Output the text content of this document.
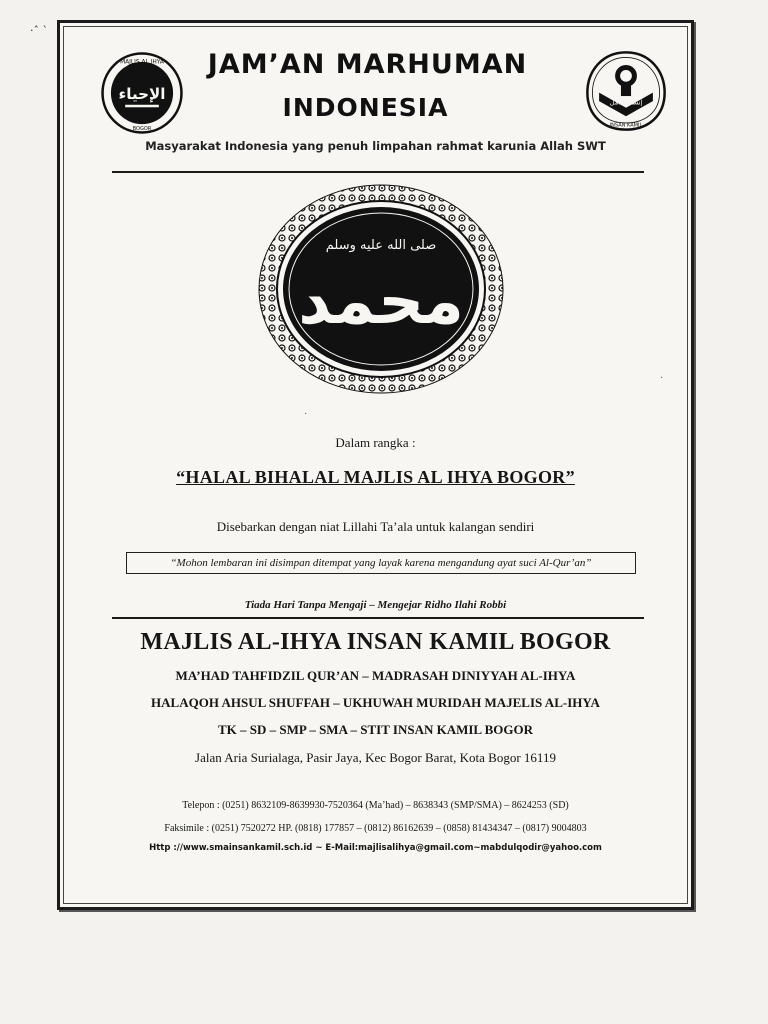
·ˆ ˋ
MAJLIS AL IHYA
BOGOR
الإحياء
JAM’AN MARHUMAN
INDONESIA	إنسان كامل
INSAN KAMIL
Masyarakat Indonesia yang penuh limpahan rahmat karunia Allah SWT
صلى الله عليه وسلم
محمد
Dalam rangka :
“HALAL BIHALAL MAJLIS AL IHYA BOGOR”
Disebarkan dengan niat Lillahi Ta’ala untuk kalangan sendiri
“Mohon lembaran ini disimpan ditempat yang layak karena mengandung ayat suci Al-Qur’an”
Tiada Hari Tanpa Mengaji – Mengejar Ridho Ilahi Robbi
MAJLIS AL-IHYA INSAN KAMIL BOGOR
MA’HAD TAHFIDZIL QUR’AN – MADRASAH DINIYYAH AL-IHYA
HALAQOH AHSUL SHUFFAH – UKHUWAH MURIDAH MAJELIS AL-IHYA
TK – SD – SMP – SMA – STIT INSAN KAMIL BOGOR
Jalan Aria Surialaga, Pasir Jaya, Kec Bogor Barat, Kota Bogor 16119
Telepon : (0251) 8632109-8639930-7520364 (Ma’had) – 8638343 (SMP/SMA) – 8624253 (SD)
Faksimile : (0251) 7520272 HP. (0818) 177857 – (0812) 86162639 – (0858) 81434347 – (0817) 9004803
Http ://www.smainsankamil.sch.id ~ E-Mail:majlisalihya@gmail.com~mabdulqodir@yahoo.com
·
·
